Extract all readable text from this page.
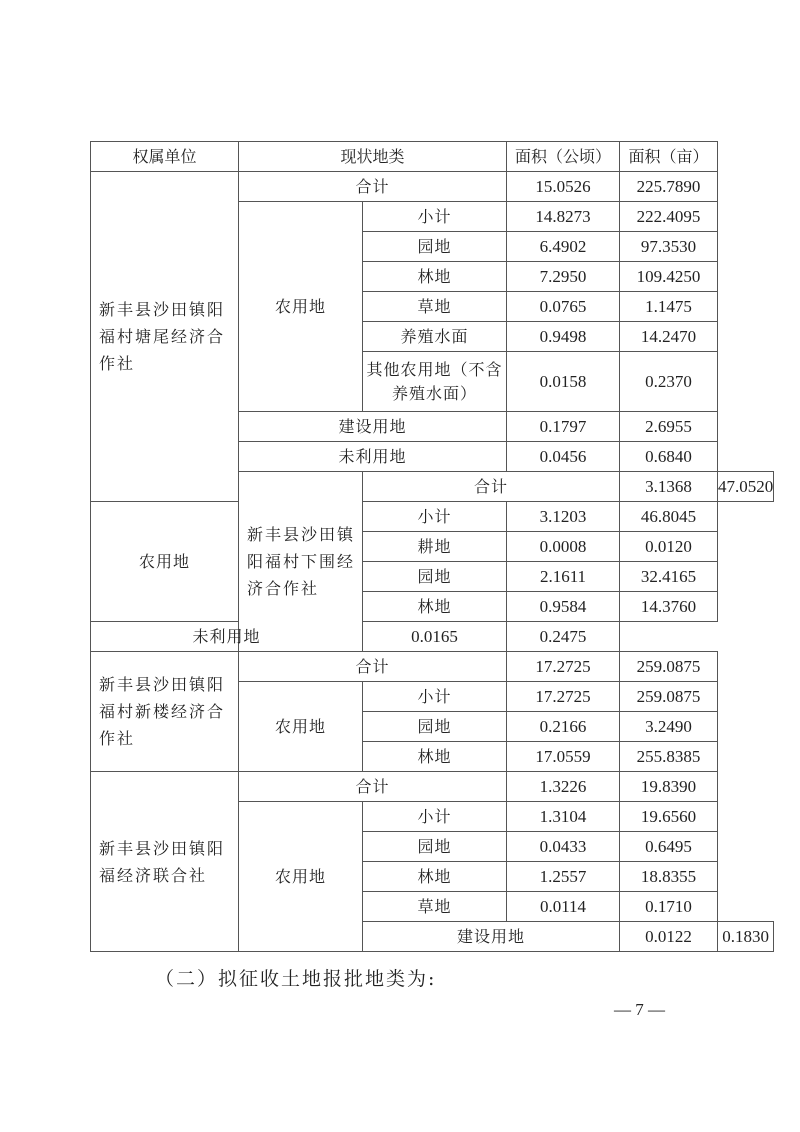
权属单位	现状地类		面积（公顷）	面积（亩）	
新丰县沙田镇阳福村塘尾经济合作社	合计		15.0526	225.7890	
	农用地	小计	14.8273	222.4095	
		园地	6.4902	97.3530	
		林地	7.2950	109.4250	
		草地	0.0765	1.1475	
		养殖水面	0.9498	14.2470	
		其他农用地（不含养殖水面）	0.0158	0.2370	
	建设用地		0.1797	2.6955	
	未利用地		0.0456	0.6840	
	新丰县沙田镇阳福村下围经济合作社	合计		3.1368	47.0520
农用地		小计	3.1203	46.8045	
		耕地	0.0008	0.0120	
		园地	2.1611	32.4165	
		林地	0.9584	14.3760	
未利用地		0.0165	0.2475		
新丰县沙田镇阳福村新楼经济合作社	合计		17.2725	259.0875	
	农用地	小计	17.2725	259.0875	
		园地	0.2166	3.2490	
		林地	17.0559	255.8385	
新丰县沙田镇阳福经济联合社	合计		1.3226	19.8390	
	农用地	小计	1.3104	19.6560	
		园地	0.0433	0.6495	
		林地	1.2557	18.8355	
		草地	0.0114	0.1710	
		建设用地		0.0122	0.1830
（二）拟征收土地报批地类为:
— 7 —
